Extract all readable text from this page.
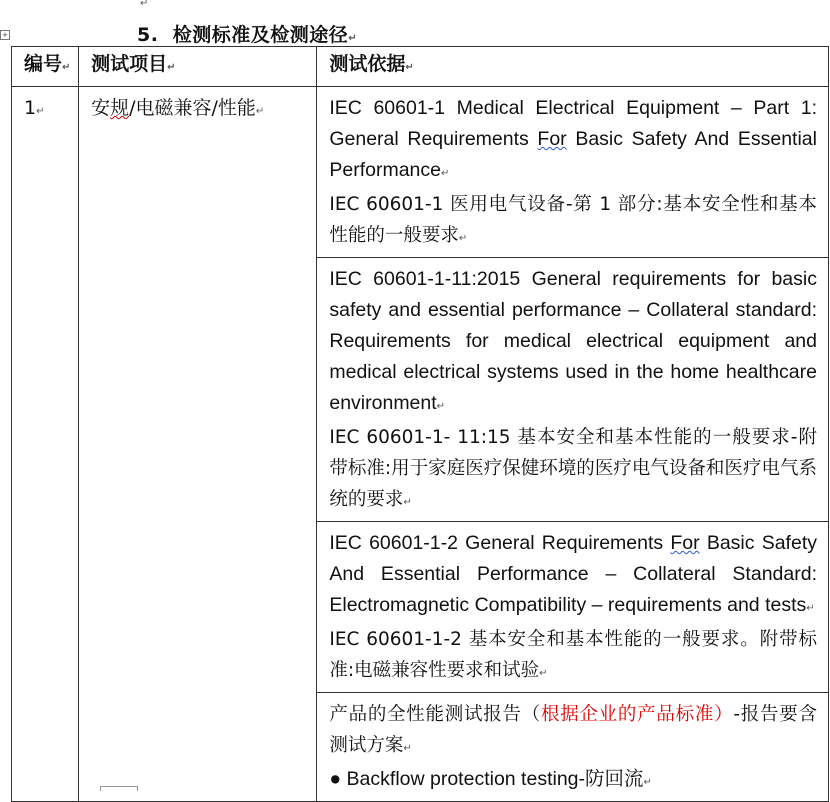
↵
+	5. 检测标准及检测途径↵
编号↵	测试项目↵	测试依据↵

1↵	安规/电磁兼容/性能↵	IEC 60601-1 Medical Electrical Equipment – Part 1: General Requirements For Basic Safety And Essential Performance↵

IEC 60601-1 医用电气设备-第 1 部分:基本安全性和基本性能的一般要求↵

		IEC 60601-1-11:2015 General requirements for basic safety and essential performance – Collateral standard: Requirements for medical electrical equipment and medical electrical systems used in the home healthcare environment↵

IEC 60601-1- 11:15 基本安全和基本性能的一般要求-附带标准:用于家庭医疗保健环境的医疗电气设备和医疗电气系统的要求↵

		IEC 60601-1-2 General Requirements For Basic Safety And Essential Performance – Collateral Standard: Electromagnetic Compatibility – requirements and tests↵

IEC 60601-1-2 基本安全和基本性能的一般要求。附带标准:电磁兼容性要求和试验↵

		产品的全性能测试报告（根据企业的产品标准）-报告要含测试方案↵

● Backflow protection testing-防回流↵
